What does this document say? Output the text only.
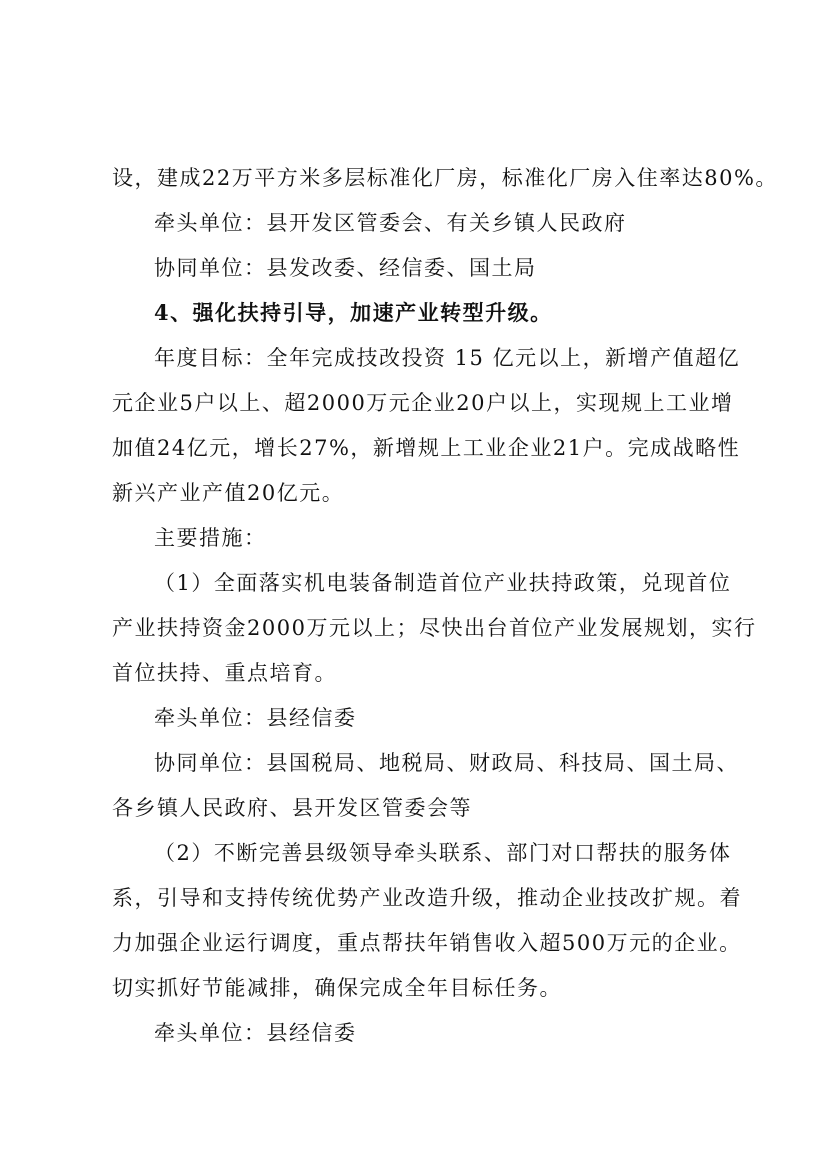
设，建成22万平方米多层标准化厂房，标准化厂房入住率达80%。
牵头单位：县开发区管委会、有关乡镇人民政府
协同单位：县发改委、经信委、国土局
4、强化扶持引导，加速产业转型升级。
年度目标：全年完成技改投资 15 亿元以上，新增产值超亿
元企业5户以上、超2000万元企业20户以上，实现规上工业增
加值24亿元，增长27%，新增规上工业企业21户。完成战略性
新兴产业产值20亿元。
主要措施：
（1）全面落实机电装备制造首位产业扶持政策，兑现首位
产业扶持资金2000万元以上；尽快出台首位产业发展规划，实行
首位扶持、重点培育。
牵头单位：县经信委
协同单位：县国税局、地税局、财政局、科技局、国土局、
各乡镇人民政府、县开发区管委会等
（2）不断完善县级领导牵头联系、部门对口帮扶的服务体
系，引导和支持传统优势产业改造升级，推动企业技改扩规。着
力加强企业运行调度，重点帮扶年销售收入超500万元的企业。
切实抓好节能减排，确保完成全年目标任务。
牵头单位：县经信委
